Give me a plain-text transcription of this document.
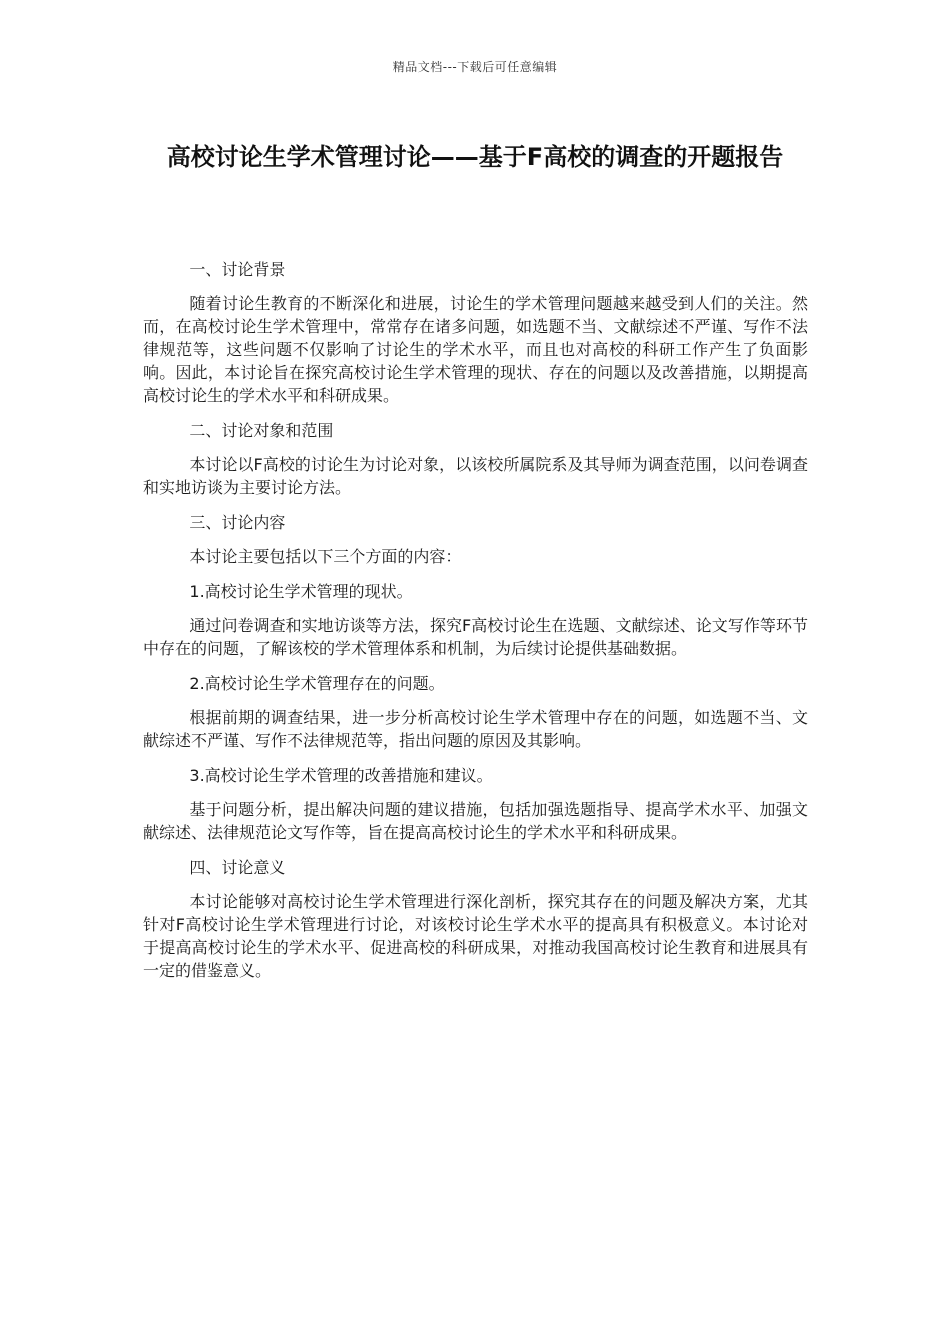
精品文档---下载后可任意编辑
高校讨论生学术管理讨论——基于F高校的调查的开题报告

一、讨论背景

随着讨论生教育的不断深化和进展，讨论生的学术管理问题越来越受到人们的关注。然而，在高校讨论生学术管理中，常常存在诸多问题，如选题不当、文献综述不严谨、写作不法律规范等，这些问题不仅影响了讨论生的学术水平，而且也对高校的科研工作产生了负面影响。因此，本讨论旨在探究高校讨论生学术管理的现状、存在的问题以及改善措施，以期提高高校讨论生的学术水平和科研成果。

二、讨论对象和范围

本讨论以F高校的讨论生为讨论对象，以该校所属院系及其导师为调查范围，以问卷调查和实地访谈为主要讨论方法。

三、讨论内容

本讨论主要包括以下三个方面的内容：

1.高校讨论生学术管理的现状。

通过问卷调查和实地访谈等方法，探究F高校讨论生在选题、文献综述、论文写作等环节中存在的问题，了解该校的学术管理体系和机制，为后续讨论提供基础数据。

2.高校讨论生学术管理存在的问题。

根据前期的调查结果，进一步分析高校讨论生学术管理中存在的问题，如选题不当、文献综述不严谨、写作不法律规范等，指出问题的原因及其影响。

3.高校讨论生学术管理的改善措施和建议。

基于问题分析，提出解决问题的建议措施，包括加强选题指导、提高学术水平、加强文献综述、法律规范论文写作等，旨在提高高校讨论生的学术水平和科研成果。

四、讨论意义

本讨论能够对高校讨论生学术管理进行深化剖析，探究其存在的问题及解决方案，尤其针对F高校讨论生学术管理进行讨论，对该校讨论生学术水平的提高具有积极意义。本讨论对于提高高校讨论生的学术水平、促进高校的科研成果，对推动我国高校讨论生教育和进展具有一定的借鉴意义。
